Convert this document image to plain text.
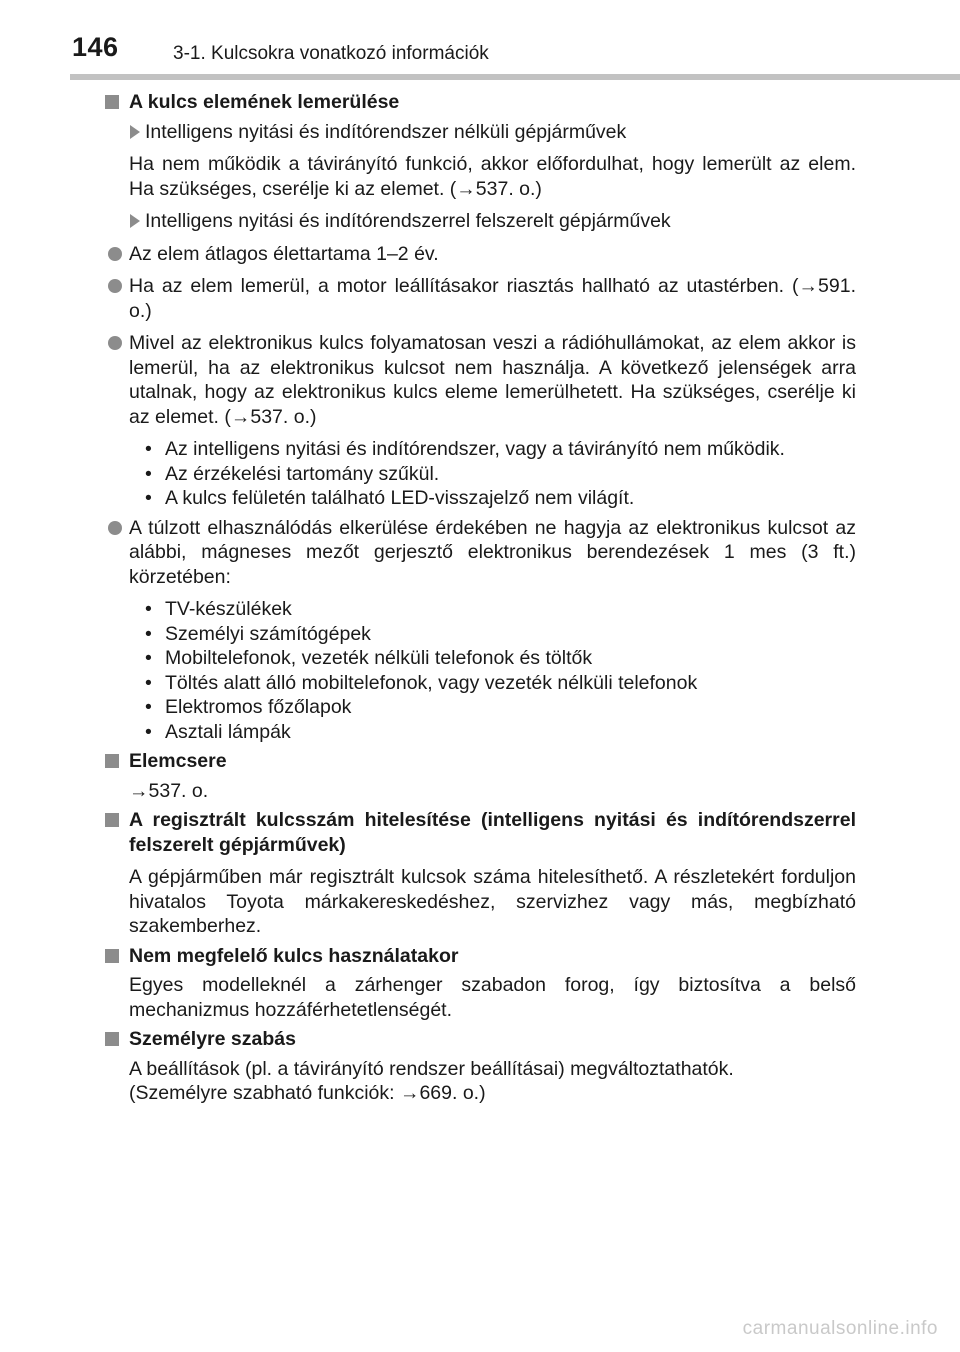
146	3-1. Kulcsokra vonatkozó információk

A kulcs elemének lemerülése

Intelligens nyitási és indítórendszer nélküli gépjárművek

Ha nem működik a távirányító funkció, akkor előfordulhat, hogy lemerült az elem. Ha szükséges, cserélje ki az elemet. (→537. o.)

Intelligens nyitási és indítórendszerrel felszerelt gépjárművek

Az elem átlagos élettartama 1–2 év.

Ha az elem lemerül, a motor leállításakor riasztás hallható az utastérben. (→591. o.)

Mivel az elektronikus kulcs folyamatosan veszi a rádióhullámokat, az elem akkor is lemerül, ha az elektronikus kulcsot nem használja. A következő jelenségek arra utalnak, hogy az elektronikus kulcs eleme lemerülhetett. Ha szükséges, cserélje ki az elemet. (→537. o.)

• Az intelligens nyitási és indítórendszer, vagy a távirányító nem működik.
• Az érzékelési tartomány szűkül.
• A kulcs felületén található LED-visszajelző nem világít.

A túlzott elhasználódás elkerülése érdekében ne hagyja az elektronikus kulcsot az alábbi, mágneses mezőt gerjesztő elektronikus berendezések 1 mes (3 ft.) körzetében:

• TV-készülékek
• Személyi számítógépek
• Mobiltelefonok, vezeték nélküli telefonok és töltők
• Töltés alatt álló mobiltelefonok, vagy vezeték nélküli telefonok
• Elektromos főzőlapok
• Asztali lámpák

Elemcsere

→537. o.

A regisztrált kulcsszám hitelesítése (intelligens nyitási és indítórendszerrel felszerelt gépjárművek)

A gépjárműben már regisztrált kulcsok száma hitelesíthető. A részletekért forduljon hivatalos Toyota márkakereskedéshez, szervizhez vagy más, megbízható szakemberhez.

Nem megfelelő kulcs használatakor

Egyes modelleknél a zárhenger szabadon forog, így biztosítva a belső mechanizmus hozzáférhetetlenségét.

Személyre szabás

A beállítások (pl. a távirányító rendszer beállításai) megváltoztathatók.

(Személyre szabható funkciók: →669. o.)

carmanualsonline.info
